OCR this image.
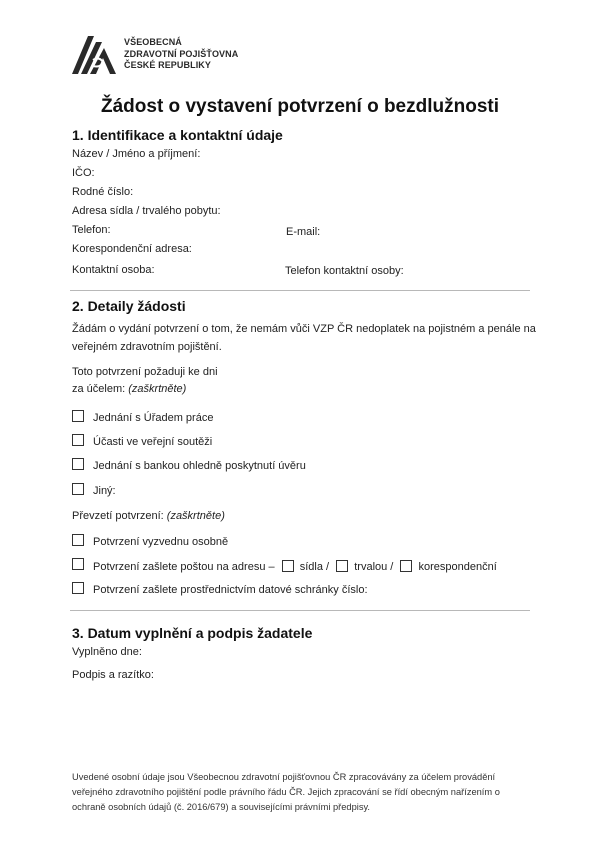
VŠEOBECNÁ
ZDRAVOTNÍ POJIŠŤOVNA
ČESKÉ REPUBLIKY
Žádost o vystavení potvrzení o bezdlužnosti
1. Identifikace a kontaktní údaje
Název / Jméno a příjmení:
IČO:
Rodné číslo:
Adresa sídla / trvalého pobytu:
Telefon:	E-mail:
Korespondenční adresa:
Kontaktní osoba:	Telefon kontaktní osoby:
2. Detaily žádosti
Žádám o vydání potvrzení o tom, že nemám vůči VZP ČR nedoplatek na pojistném a penále na veřejném zdravotním pojištění.
Toto potvrzení požaduji ke dni
za účelem: (zaškrtněte)
Jednání s Úřadem práce
Účasti ve veřejní soutěži
Jednání s bankou ohledně poskytnutí úvěru
Jiný:
Převzetí potvrzení: (zaškrtněte)
Potvrzení vyzvednu osobně
Potvrzení zašlete poštou na adresu – sídla / trvalou / korespondenční
Potvrzení zašlete prostřednictvím datové schránky číslo:
3. Datum vyplnění a podpis žadatele
Vyplněno dne:
Podpis a razítko:
Uvedené osobní údaje jsou Všeobecnou zdravotní pojišťovnou ČR zpracovávány za účelem provádění veřejného zdravotního pojištění podle právního řádu ČR. Jejich zpracování se řídí obecným nařízením o ochraně osobních údajů (č. 2016/679) a souvisejícími právními předpisy.
